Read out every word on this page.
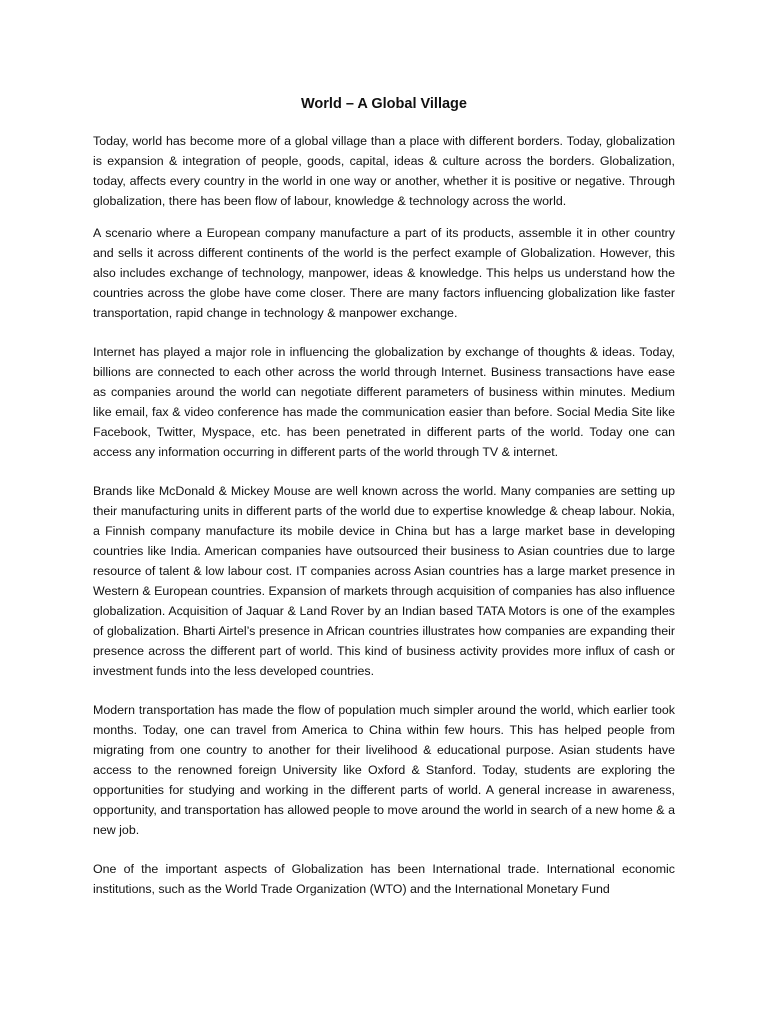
World – A Global Village

Today, world has become more of a global village than a place with different borders. Today, globalization is expansion & integration of people, goods, capital, ideas & culture across the borders. Globalization, today, affects every country in the world in one way or another, whether it is positive or negative. Through globalization, there has been flow of labour, knowledge & technology across the world.

A scenario where a European company manufacture a part of its products, assemble it in other country and sells it across different continents of the world is the perfect example of Globalization. However, this also includes exchange of technology, manpower, ideas & knowledge. This helps us understand how the countries across the globe have come closer. There are many factors influencing globalization like faster transportation, rapid change in technology & manpower exchange.

Internet has played a major role in influencing the globalization by exchange of thoughts & ideas. Today, billions are connected to each other across the world through Internet. Business transactions have ease as companies around the world can negotiate different parameters of business within minutes. Medium like email, fax & video conference has made the communication easier than before. Social Media Site like Facebook, Twitter, Myspace, etc. has been penetrated in different parts of the world. Today one can access any information occurring in different parts of the world through TV & internet.

Brands like McDonald & Mickey Mouse are well known across the world. Many companies are setting up their manufacturing units in different parts of the world due to expertise knowledge & cheap labour. Nokia, a Finnish company manufacture its mobile device in China but has a large market base in developing countries like India. American companies have outsourced their business to Asian countries due to large resource of talent & low labour cost. IT companies across Asian countries has a large market presence in Western & European countries. Expansion of markets through acquisition of companies has also influence globalization. Acquisition of Jaquar & Land Rover by an Indian based TATA Motors is one of the examples of globalization. Bharti Airtel’s presence in African countries illustrates how companies are expanding their presence across the different part of world. This kind of business activity provides more influx of cash or investment funds into the less developed countries.

Modern transportation has made the flow of population much simpler around the world, which earlier took months. Today, one can travel from America to China within few hours. This has helped people from migrating from one country to another for their livelihood & educational purpose. Asian students have access to the renowned foreign University like Oxford & Stanford. Today, students are exploring the opportunities for studying and working in the different parts of world. A general increase in awareness, opportunity, and transportation has allowed people to move around the world in search of a new home & a new job.

One of the important aspects of Globalization has been International trade. International economic institutions, such as the World Trade Organization (WTO) and the International Monetary Fund
